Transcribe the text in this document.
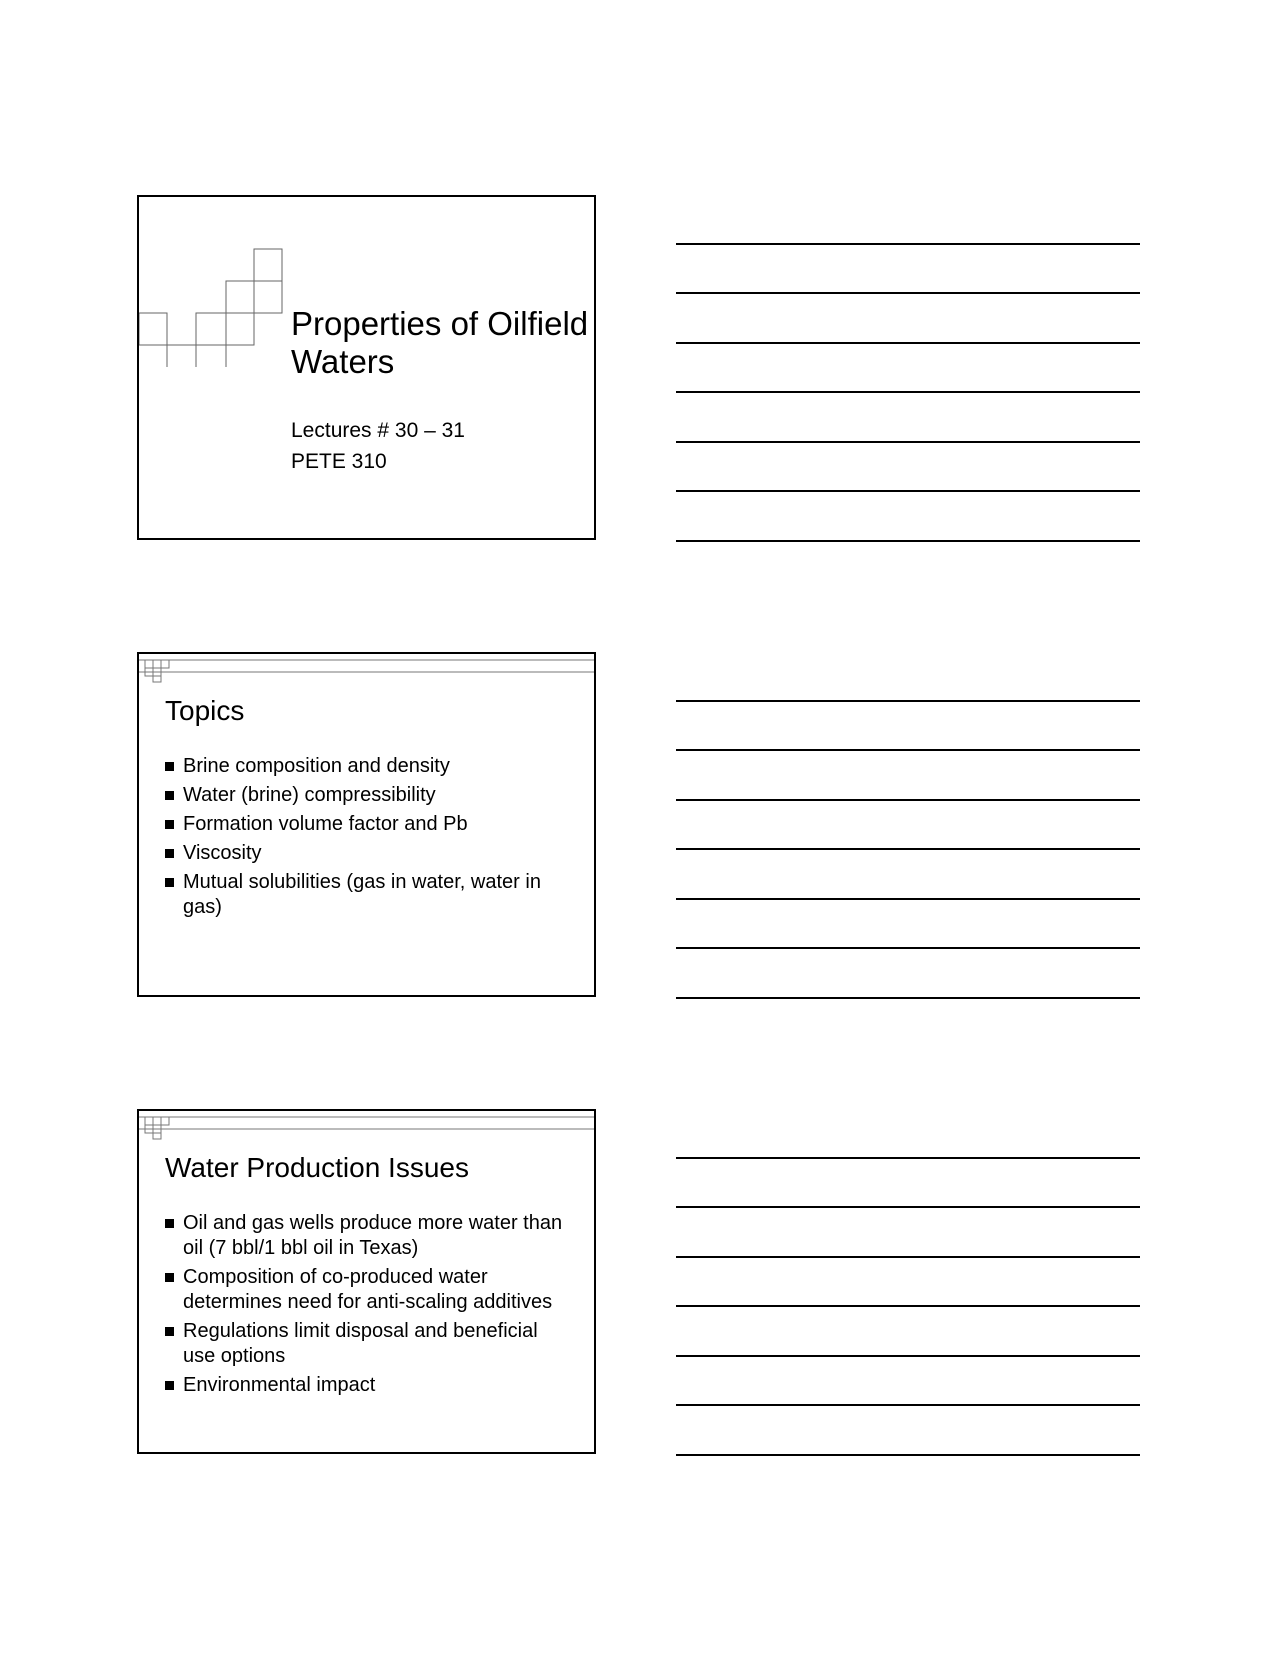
Properties of Oilfield Waters
Lectures # 30 – 31
PETE 310
Topics
Brine composition and density
Water (brine) compressibility
Formation volume factor and Pb
Viscosity
Mutual solubilities (gas in water, water in gas)
Water Production Issues
Oil and gas wells produce more water than oil (7 bbl/1 bbl oil in Texas)
Composition of co-produced water determines need for anti-scaling additives
Regulations limit disposal and beneficial use options
Environmental impact
